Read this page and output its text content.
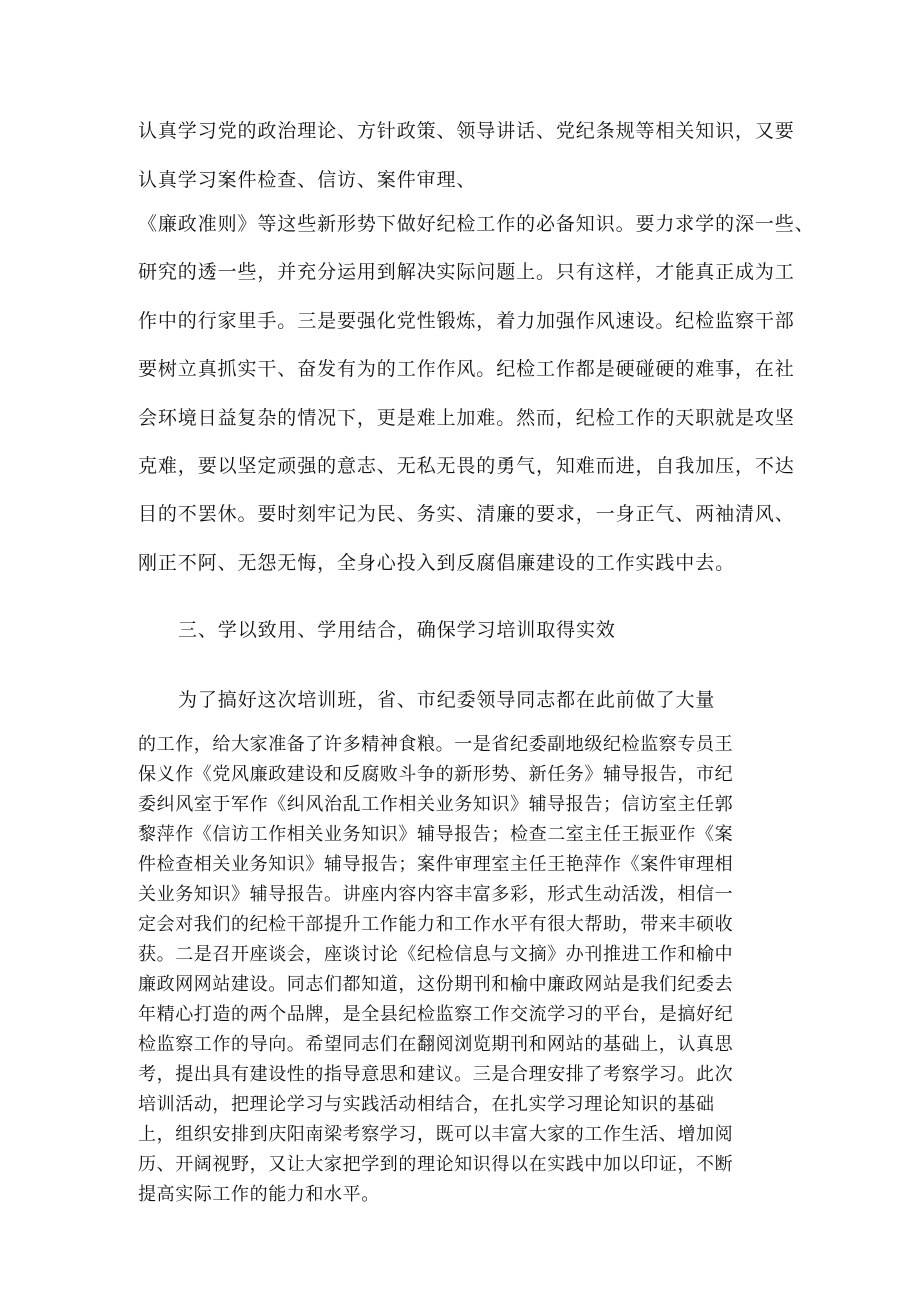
认真学习党的政治理论、方针政策、领导讲话、党纪条规等相关知识，又要

认真学习案件检查、信访、案件审理、

《廉政准则》等这些新形势下做好纪检工作的必备知识。要力求学的深一些、

研究的透一些，并充分运用到解决实际问题上。只有这样，才能真正成为工

作中的行家里手。三是要强化党性锻炼，着力加强作风速设。纪检监察干部

要树立真抓实干、奋发有为的工作作风。纪检工作都是硬碰硬的难事，在社

会环境日益复杂的情况下，更是难上加难。然而，纪检工作的天职就是攻坚

克难，要以坚定顽强的意志、无私无畏的勇气，知难而进，自我加压，不达

目的不罢休。要时刻牢记为民、务实、清廉的要求，一身正气、两袖清风、

刚正不阿、无怨无悔，全身心投入到反腐倡廉建设的工作实践中去。

三、学以致用、学用结合，确保学习培训取得实效

为了搞好这次培训班，省、市纪委领导同志都在此前做了大量

的工作，给大家准备了许多精神食粮。一是省纪委副地级纪检监察专员王

保义作《党风廉政建设和反腐败斗争的新形势、新任务》辅导报告，市纪

委纠风室于军作《纠风治乱工作相关业务知识》辅导报告；信访室主任郭

黎萍作《信访工作相关业务知识》辅导报告；检查二室主任王振亚作《案

件检查相关业务知识》辅导报告；案件审理室主任王艳萍作《案件审理相

关业务知识》辅导报告。讲座内容内容丰富多彩，形式生动活泼，相信一

定会对我们的纪检干部提升工作能力和工作水平有很大帮助，带来丰硕收

获。二是召开座谈会，座谈讨论《纪检信息与文摘》办刊推进工作和榆中

廉政网网站建设。同志们都知道，这份期刊和榆中廉政网站是我们纪委去

年精心打造的两个品牌，是全县纪检监察工作交流学习的平台，是搞好纪

检监察工作的导向。希望同志们在翻阅浏览期刊和网站的基础上，认真思

考，提出具有建设性的指导意思和建议。三是合理安排了考察学习。此次

培训活动，把理论学习与实践活动相结合，在扎实学习理论知识的基础

上，组织安排到庆阳南梁考察学习，既可以丰富大家的工作生活、增加阅

历、开阔视野，又让大家把学到的理论知识得以在实践中加以印证，不断

提高实际工作的能力和水平。
